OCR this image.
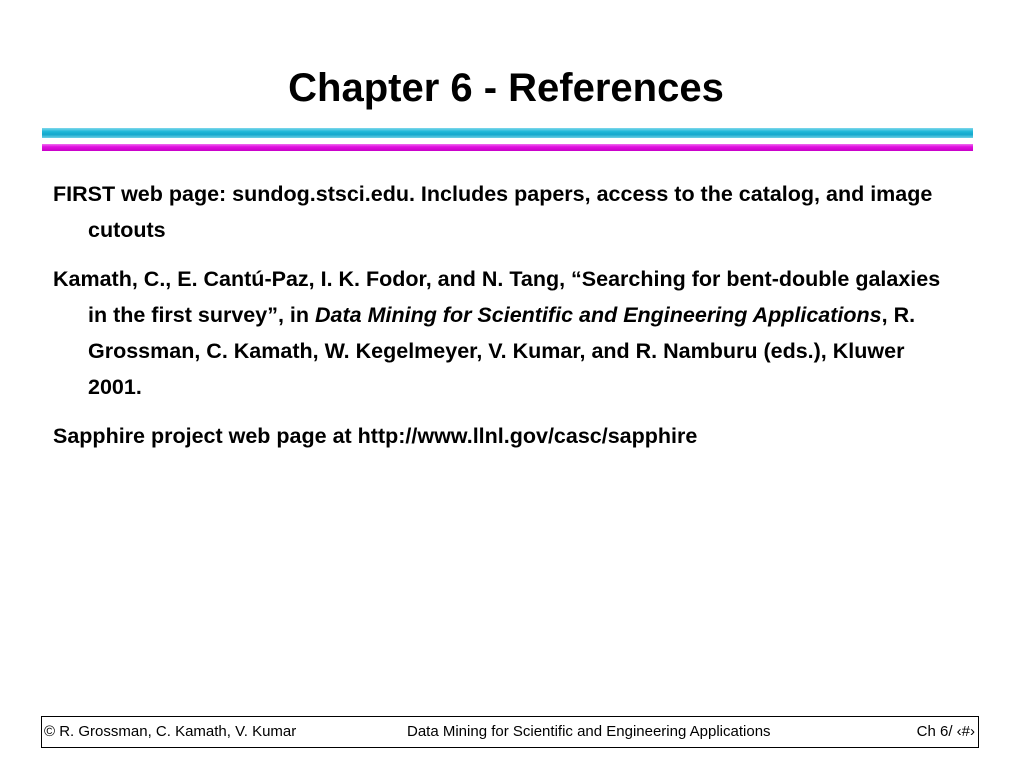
Chapter 6 - References

FIRST web page: sundog.stsci.edu. Includes papers, access to the catalog, and image cutouts

Kamath, C., E. Cantú-Paz, I. K. Fodor, and N. Tang, “Searching for bent-double galaxies in the first survey”, in Data Mining for Scientific and Engineering Applications, R. Grossman, C. Kamath, W. Kegelmeyer, V. Kumar, and R. Namburu (eds.), Kluwer 2001.

Sapphire project web page at http://www.llnl.gov/casc/sapphire

© R. Grossman, C. Kamath, V. Kumar	Data Mining for Scientific and Engineering Applications	Ch 6/ ‹#›
